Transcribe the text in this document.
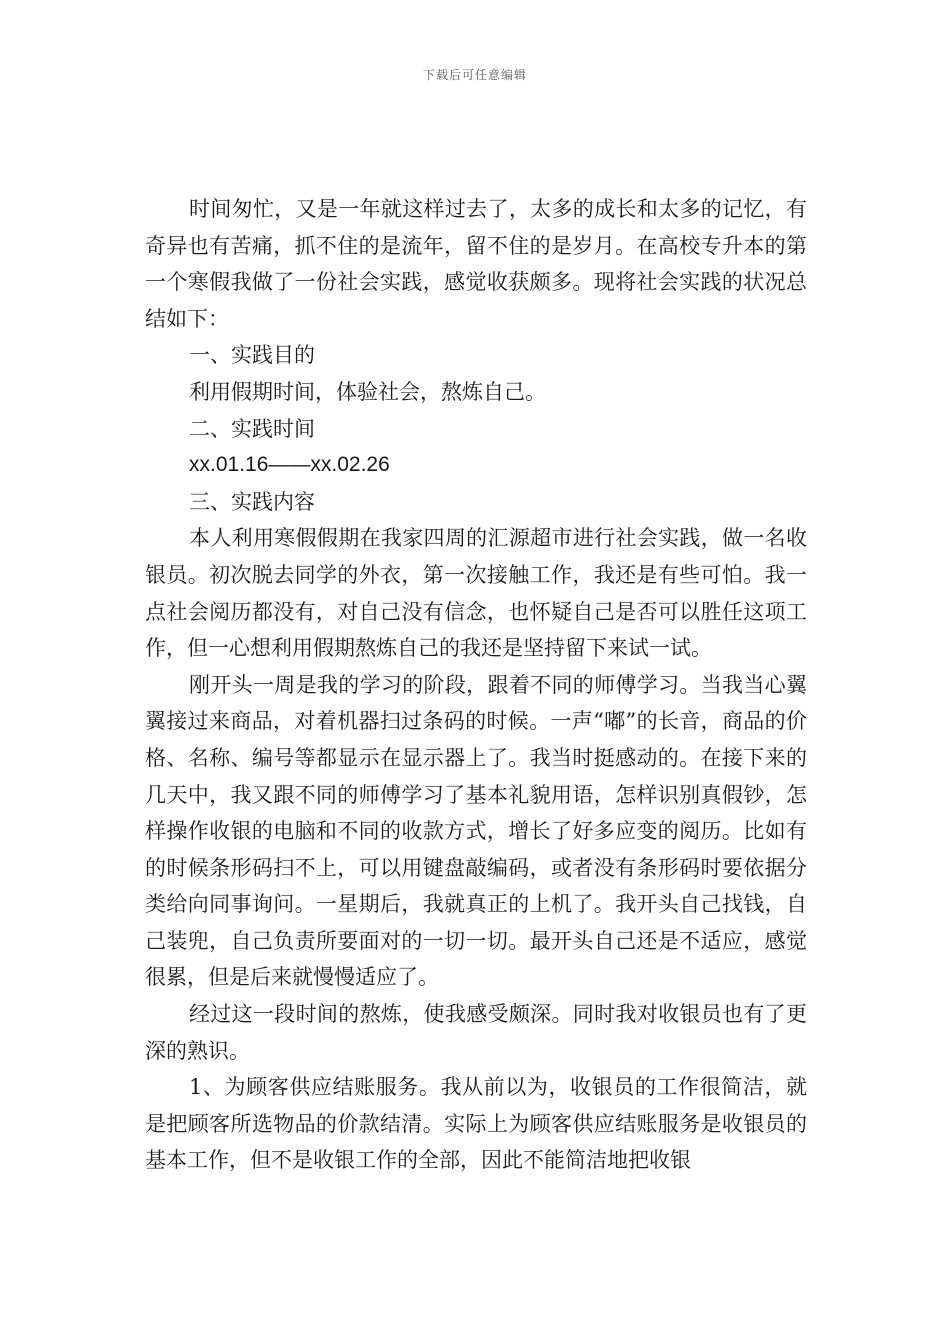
下载后可任意编辑

时间匆忙，又是一年就这样过去了，太多的成长和太多的记忆，有奇异也有苦痛，抓不住的是流年，留不住的是岁月。在高校专升本的第一个寒假我做了一份社会实践，感觉收获颇多。现将社会实践的状况总结如下：

一、实践目的

利用假期时间，体验社会，熬炼自己。

二、实践时间

xx.01.16——xx.02.26

三、实践内容

本人利用寒假假期在我家四周的汇源超市进行社会实践，做一名收银员。初次脱去同学的外衣，第一次接触工作，我还是有些可怕。我一点社会阅历都没有，对自己没有信念，也怀疑自己是否可以胜任这项工作，但一心想利用假期熬炼自己的我还是坚持留下来试一试。

刚开头一周是我的学习的阶段，跟着不同的师傅学习。当我当心翼翼接过来商品，对着机器扫过条码的时候。一声“嘟”的长音，商品的价格、名称、编号等都显示在显示器上了。我当时挺感动的。在接下来的几天中，我又跟不同的师傅学习了基本礼貌用语，怎样识别真假钞，怎样操作收银的电脑和不同的收款方式，增长了好多应变的阅历。比如有的时候条形码扫不上，可以用键盘敲编码，或者没有条形码时要依据分类给向同事询问。一星期后，我就真正的上机了。我开头自己找钱，自己装兜，自己负责所要面对的一切一切。最开头自己还是不适应，感觉很累，但是后来就慢慢适应了。

经过这一段时间的熬炼，使我感受颇深。同时我对收银员也有了更深的熟识。

1、为顾客供应结账服务。我从前以为，收银员的工作很简洁，就是把顾客所选物品的价款结清。实际上为顾客供应结账服务是收银员的基本工作，但不是收银工作的全部，因此不能简洁地把收银
